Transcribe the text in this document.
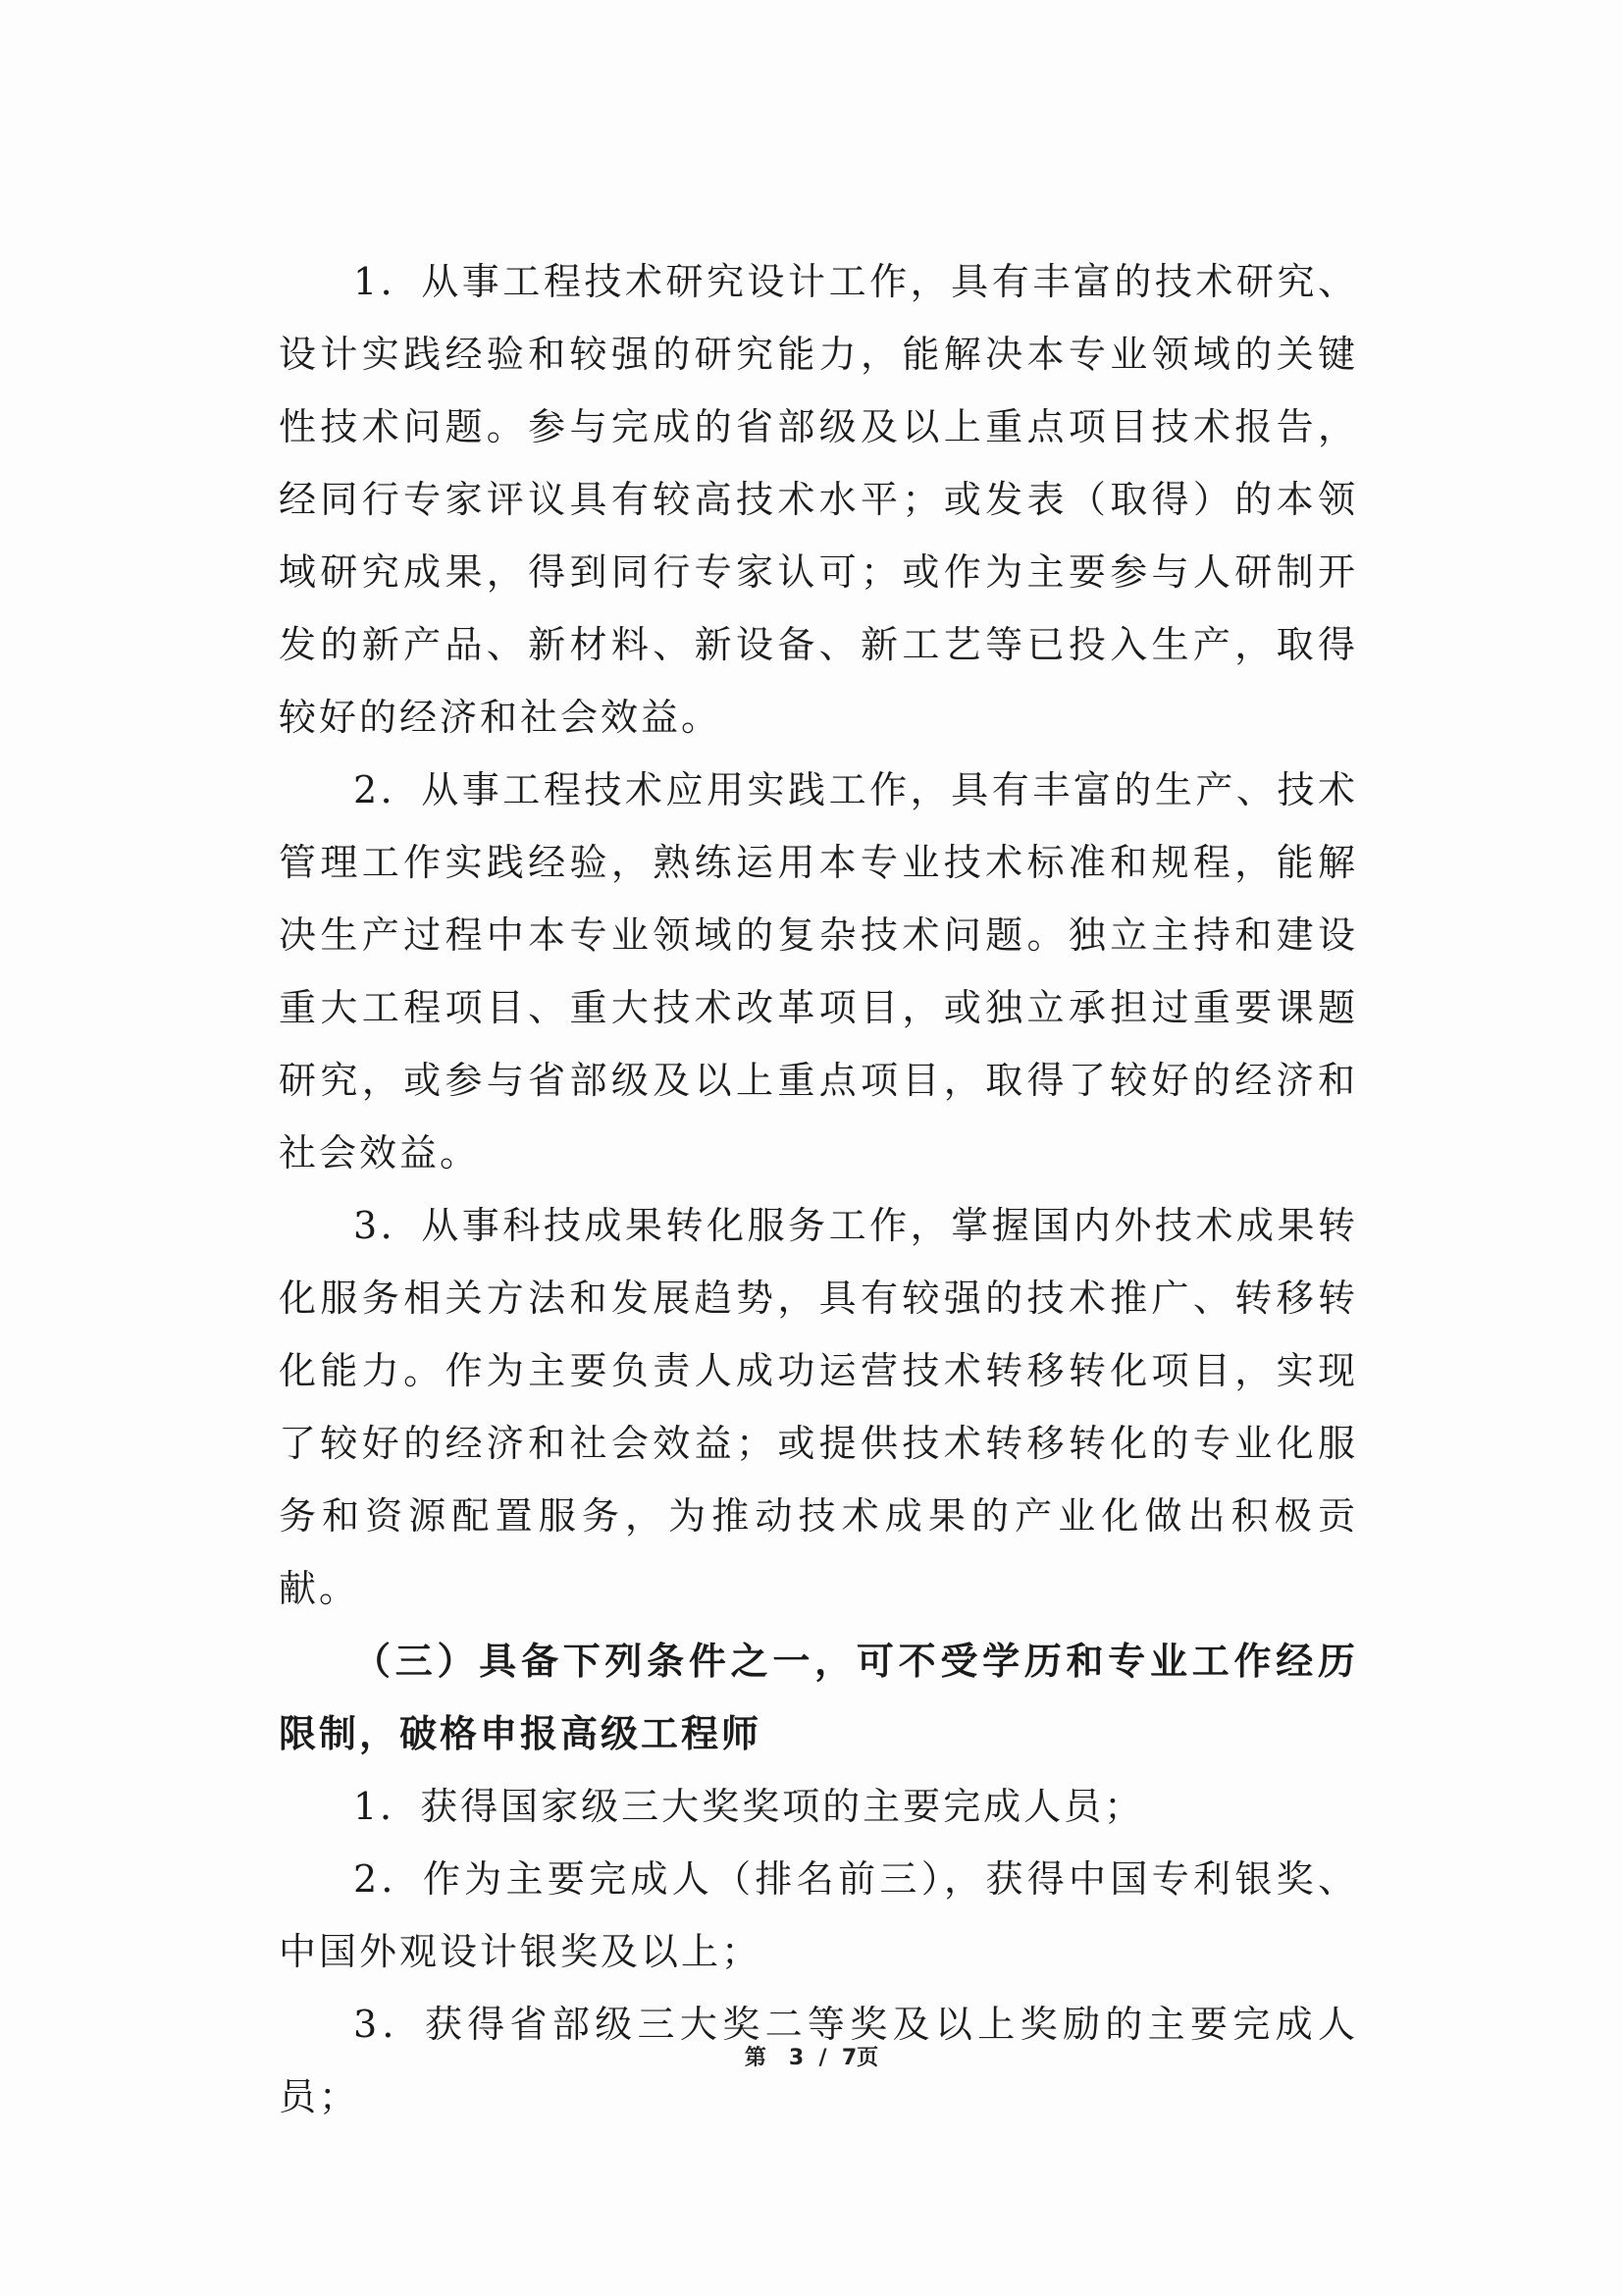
1．从事工程技术研究设计工作，具有丰富的技术研究、设计实践经验和较强的研究能力，能解决本专业领域的关键性技术问题。参与完成的省部级及以上重点项目技术报告，经同行专家评议具有较高技术水平；或发表（取得）的本领域研究成果，得到同行专家认可；或作为主要参与人研制开发的新产品、新材料、新设备、新工艺等已投入生产，取得较好的经济和社会效益。

2．从事工程技术应用实践工作，具有丰富的生产、技术管理工作实践经验，熟练运用本专业技术标准和规程，能解决生产过程中本专业领域的复杂技术问题。独立主持和建设重大工程项目、重大技术改革项目，或独立承担过重要课题研究，或参与省部级及以上重点项目，取得了较好的经济和社会效益。

3．从事科技成果转化服务工作，掌握国内外技术成果转化服务相关方法和发展趋势，具有较强的技术推广、转移转化能力。作为主要负责人成功运营技术转移转化项目，实现了较好的经济和社会效益；或提供技术转移转化的专业化服务和资源配置服务，为推动技术成果的产业化做出积极贡献。

（三）具备下列条件之一，可不受学历和专业工作经历限制，破格申报高级工程师

1．获得国家级三大奖奖项的主要完成人员；

2．作为主要完成人（排名前三），获得中国专利银奖、中国外观设计银奖及以上；

3．获得省部级三大奖二等奖及以上奖励的主要完成人员；

第 3 / 7页
